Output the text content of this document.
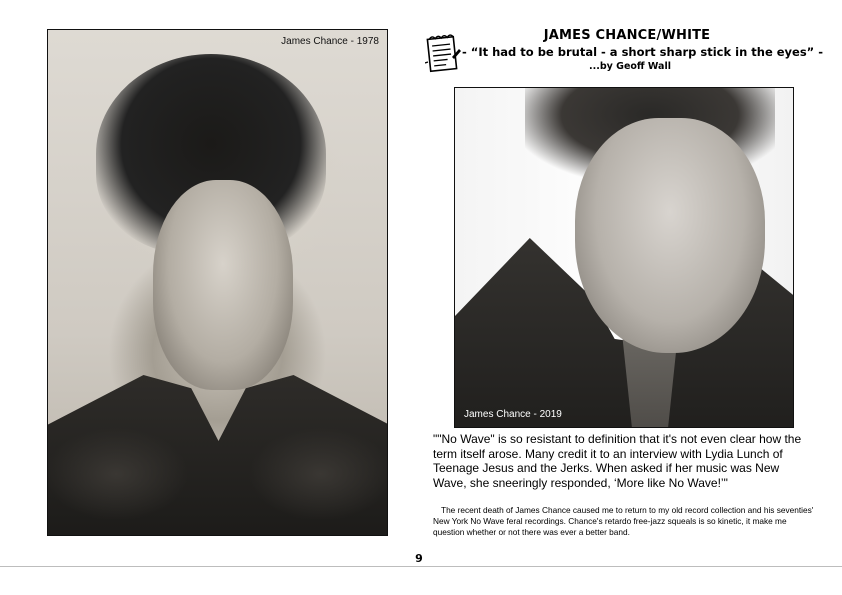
James Chance - 1978	JAMES CHANCE/WHITE
- “It had to be brutal - a short sharp stick in the eyes” -
...by Geoff Wall
James Chance - 2019

""No Wave" is so resistant to definition that it's not even clear how the term itself arose. Many credit it to an interview with Lydia Lunch of Teenage Jesus and the Jerks. When asked if her music was New Wave, she sneeringly responded, ‘More like No Wave!’"

The recent death of James Chance caused me to return to my old record collection and his seventies' New York No Wave feral recordings. Chance's retardo free-jazz squeals is so kinetic, it make me question whether or not there was ever a better band.

9
